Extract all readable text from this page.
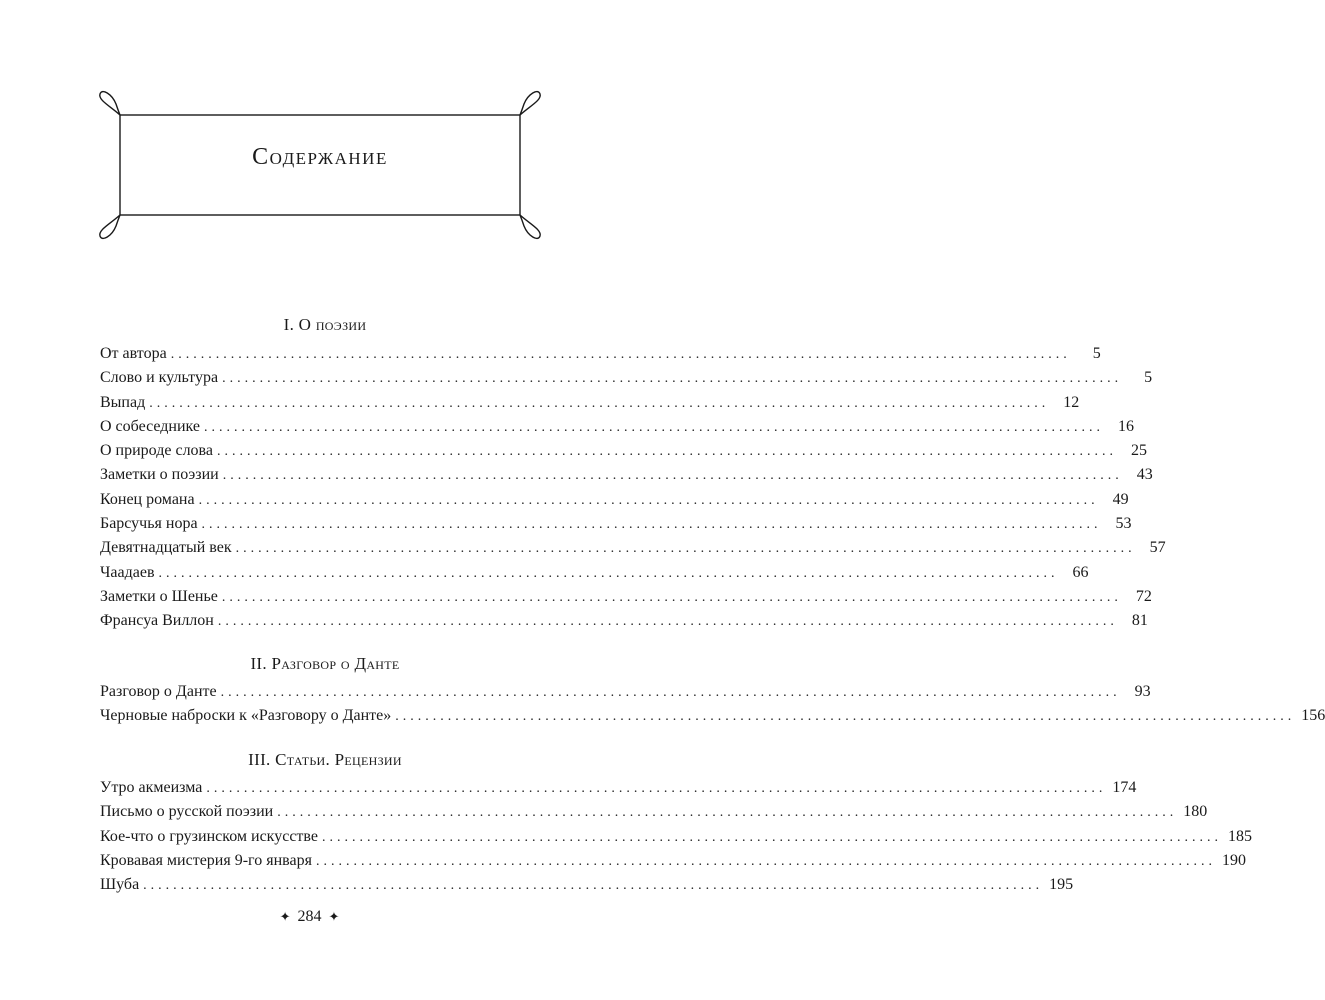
Содержание
I. О поэзии
От автора ........................................................................................................................	5
Слово и культура ........................................................................................................................	5
Выпад ........................................................................................................................ 12
О собеседнике ........................................................................................................................ 16
О природе слова ........................................................................................................................ 25
Заметки о поэзии ........................................................................................................................ 43
Конец романа ........................................................................................................................ 49
Барсучья нора ........................................................................................................................ 53
Девятнадцатый век ........................................................................................................................ 57
Чаадаев ........................................................................................................................ 66
Заметки о Шенье ........................................................................................................................ 72
Франсуа Виллон ........................................................................................................................ 81
II. Разговор о Данте
Разговор о Данте ........................................................................................................................ 93
Черновые наброски к «Разговору о Данте» ........................................................................................................................ 156
III. Статьи. Рецензии
Утро акмеизма ........................................................................................................................ 174
Письмо о русской поэзии ........................................................................................................................ 180
Кое-что о грузинском искусстве ........................................................................................................................ 185
Кровавая мистерия 9-го января ........................................................................................................................ 190
Шуба ........................................................................................................................ 195
✦ 284 ✦
